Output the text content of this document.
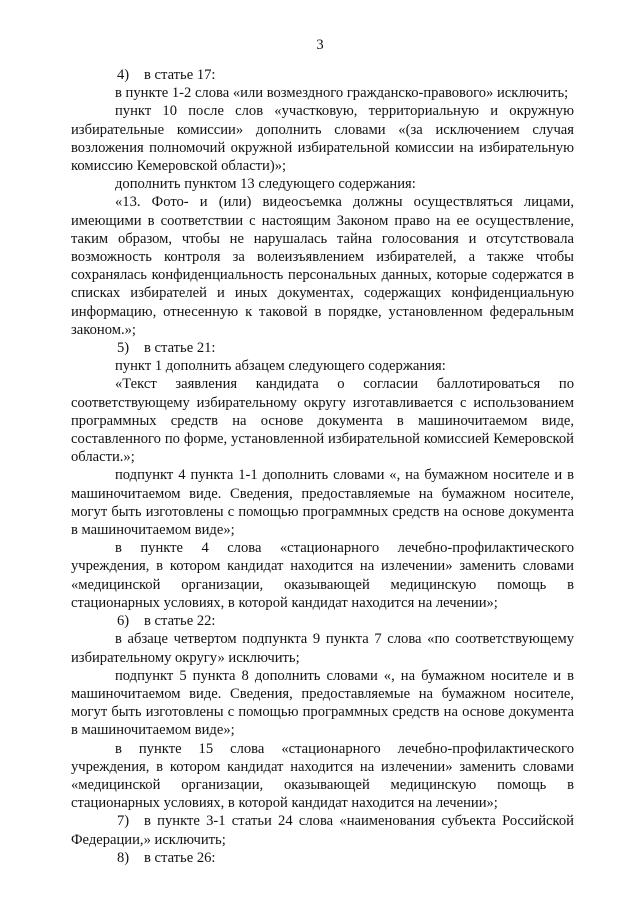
3

4) в статье 17:

в пункте 1-2 слова «или возмездного гражданско-правового» исключить;

пункт 10 после слов «участковую, территориальную и окружную избирательные комиссии» дополнить словами «(за исключением случая возложения полномочий окружной избирательной комиссии на избирательную комиссию Кемеровской области)»;

дополнить пунктом 13 следующего содержания:

«13. Фото- и (или) видеосъемка должны осуществляться лицами, имеющими в соответствии с настоящим Законом право на ее осуществление, таким образом, чтобы не нарушалась тайна голосования и отсутствовала возможность контроля за волеизъявлением избирателей, а также чтобы сохранялась конфиденциальность персональных данных, которые содержатся в списках избирателей и иных документах, содержащих конфиденциальную информацию, отнесенную к таковой в порядке, установленном федеральным законом.»;

5) в статье 21:

пункт 1 дополнить абзацем следующего содержания:

«Текст заявления кандидата о согласии баллотироваться по соответствующему избирательному округу изготавливается с использованием программных средств на основе документа в машиночитаемом виде, составленного по форме, установленной избирательной комиссией Кемеровской области.»;

подпункт 4 пункта 1-1 дополнить словами «, на бумажном носителе и в машиночитаемом виде. Сведения, предоставляемые на бумажном носителе, могут быть изготовлены с помощью программных средств на основе документа в машиночитаемом виде»;

в пункте 4 слова «стационарного лечебно-профилактического учреждения, в котором кандидат находится на излечении» заменить словами «медицинской организации, оказывающей медицинскую помощь в стационарных условиях, в которой кандидат находится на лечении»;

6) в статье 22:

в абзаце четвертом подпункта 9 пункта 7 слова «по соответствующему избирательному округу» исключить;

подпункт 5 пункта 8 дополнить словами «, на бумажном носителе и в машиночитаемом виде. Сведения, предоставляемые на бумажном носителе, могут быть изготовлены с помощью программных средств на основе документа в машиночитаемом виде»;

в пункте 15 слова «стационарного лечебно-профилактического учреждения, в котором кандидат находится на излечении» заменить словами «медицинской организации, оказывающей медицинскую помощь в стационарных условиях, в которой кандидат находится на лечении»;

7) в пункте 3-1 статьи 24 слова «наименования субъекта Российской Федерации,» исключить;

8) в статье 26:
